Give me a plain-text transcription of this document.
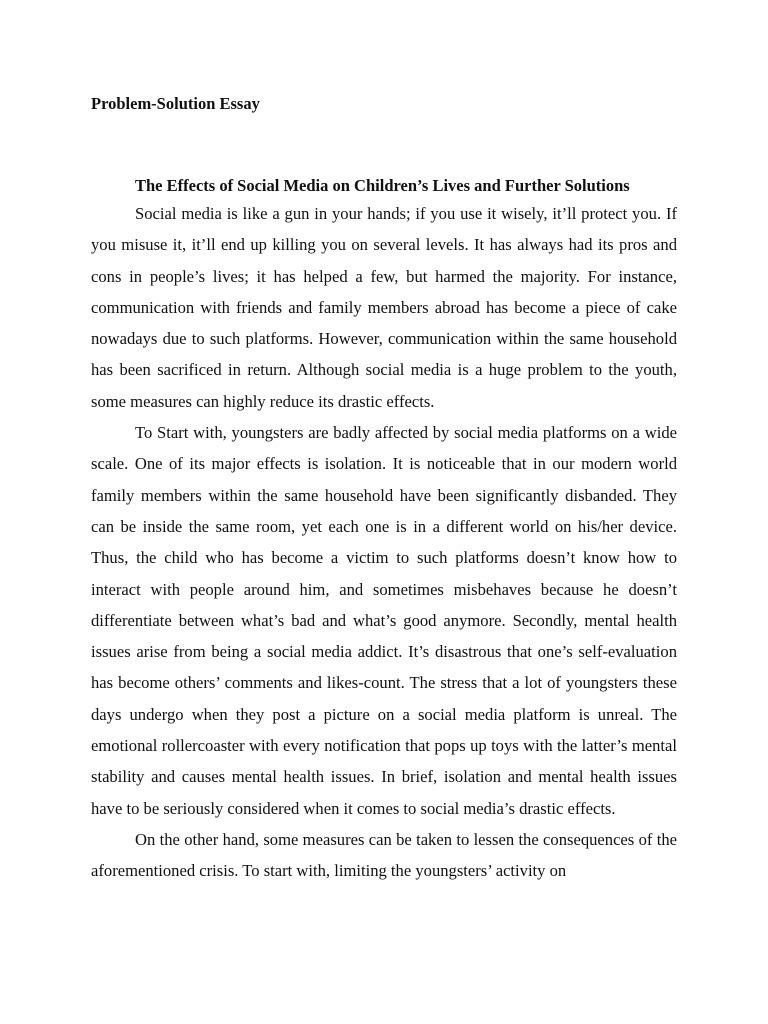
Problem-Solution Essay

The Effects of Social Media on Children’s Lives and Further Solutions

Social media is like a gun in your hands; if you use it wisely, it’ll protect you. If you misuse it, it’ll end up killing you on several levels. It has always had its pros and cons in people’s lives; it has helped a few, but harmed the majority. For instance, communication with friends and family members abroad has become a piece of cake nowadays due to such platforms. However, communication within the same household has been sacrificed in return. Although social media is a huge problem to the youth, some measures can highly reduce its drastic effects.

To Start with, youngsters are badly affected by social media platforms on a wide scale. One of its major effects is isolation. It is noticeable that in our modern world family members within the same household have been significantly disbanded. They can be inside the same room, yet each one is in a different world on his/her device. Thus, the child who has become a victim to such platforms doesn’t know how to interact with people around him, and sometimes misbehaves because he doesn’t differentiate between what’s bad and what’s good anymore. Secondly, mental health issues arise from being a social media addict. It’s disastrous that one’s self-evaluation has become others’ comments and likes-count. The stress that a lot of youngsters these days undergo when they post a picture on a social media platform is unreal. The emotional rollercoaster with every notification that pops up toys with the latter’s mental stability and causes mental health issues. In brief, isolation and mental health issues have to be seriously considered when it comes to social media’s drastic effects.

On the other hand, some measures can be taken to lessen the consequences of the aforementioned crisis. To start with, limiting the youngsters’ activity on
